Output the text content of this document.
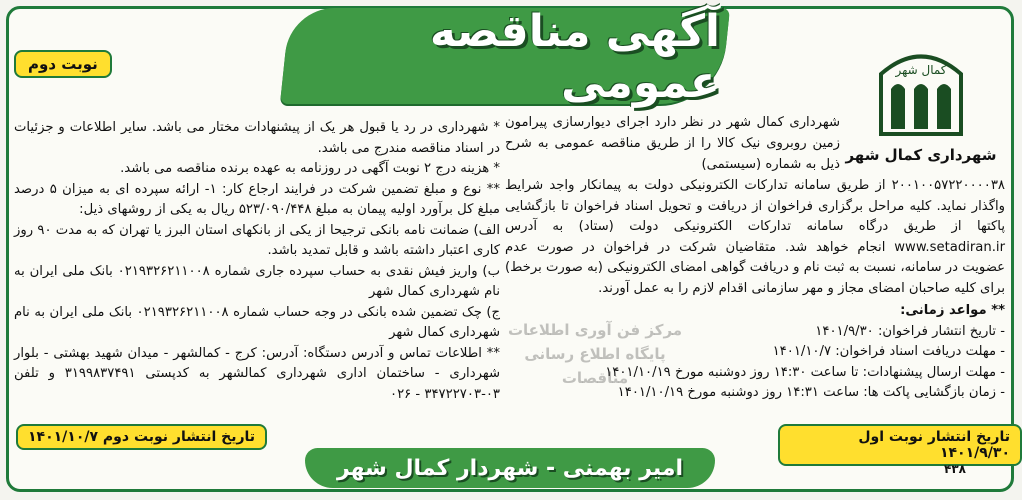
آگهی مناقصه عمومی
نوبت دوم	کمال شهر
شهرداری کمال شهر

شهرداری کمال شهر در نظر دارد اجرای دیوارسازی پیرامون زمین روبروی نیک کالا را از طریق مناقصه عمومی به شرح ذیل به شماره (سیستمی)

۲۰۰۱۰۰۵۷۲۲۰۰۰۰۳۸ از طریق سامانه تدارکات الکترونیکی دولت به پیمانکار واجد شرایط واگذار نماید. کلیه مراحل برگزاری فراخوان از دریافت و تحویل اسناد فراخوان تا بازگشایی پاکتها از طریق درگاه سامانه تدارکات الکترونیکی دولت (ستاد) به آدرس www.setadiran.ir انجام خواهد شد. متقاضیان شرکت در فراخوان در صورت عدم عضویت در سامانه، نسبت به ثبت نام و دریافت گواهی امضای الکترونیکی (به صورت برخط) برای کلیه صاحبان امضای مجاز و مهر سازمانی اقدام لازم را به عمل آورند.

** مواعد زمانی:

- تاریخ انتشار فراخوان: ۱۴۰۱/۹/۳۰

- مهلت دریافت اسناد فراخوان: ۱۴۰۱/۱۰/۷

- مهلت ارسال پیشنهادات: تا ساعت ۱۴:۳۰ روز دوشنبه مورخ ۱۴۰۱/۱۰/۱۹

- زمان بازگشایی پاکت ها: ساعت ۱۴:۳۱ روز دوشنبه مورخ ۱۴۰۱/۱۰/۱۹

* شهرداری در رد یا قبول هر یک از پیشنهادات مختار می باشد. سایر اطلاعات و جزئیات در اسناد مناقصه مندرج می باشد.

* هزینه درج ۲ نوبت آگهی در روزنامه به عهده برنده مناقصه می باشد.

** نوع و مبلغ تضمین شرکت در فرایند ارجاع کار: ۱- ارائه سپرده ای به میزان ۵ درصد مبلغ کل برآورد اولیه پیمان به مبلغ ۵۲۳/۰۹۰/۴۴۸ ریال به یکی از روشهای ذیل:

الف) ضمانت نامه بانکی ترجیحا از یکی از بانکهای استان البرز یا تهران که به مدت ۹۰ روز کاری اعتبار داشته باشد و قابل تمدید باشد.

ب) واریز فیش نقدی به حساب سپرده جاری شماره ۰۲۱۹۳۲۶۲۱۱۰۰۸ بانک ملی ایران به نام شهرداری کمال شهر

ج) چک تضمین شده بانکی در وجه حساب شماره ۰۲۱۹۳۲۶۲۱۱۰۰۸ بانک ملی ایران به نام شهرداری کمال شهر

** اطلاعات تماس و آدرس دستگاه: آدرس: کرج - کمالشهر - میدان شهید بهشتی - بلوار شهرداری - ساختمان اداری شهرداری کمالشهر به کدپستی ۳۱۹۹۸۳۷۴۹۱ و تلفن ۰۳-۳۴۷۲۲۷۰۳ - ۰۲۶

مرکز فن آوری اطلاعات
پایگاه اطلاع رسانی مناقصات
تاریخ انتشار نوبت اول ۱۴۰۱/۹/۳۰
تاریخ انتشار نوبت دوم ۱۴۰۱/۱۰/۷
امیر بهمنی - شهردار کمال شهر	۴۳۸
